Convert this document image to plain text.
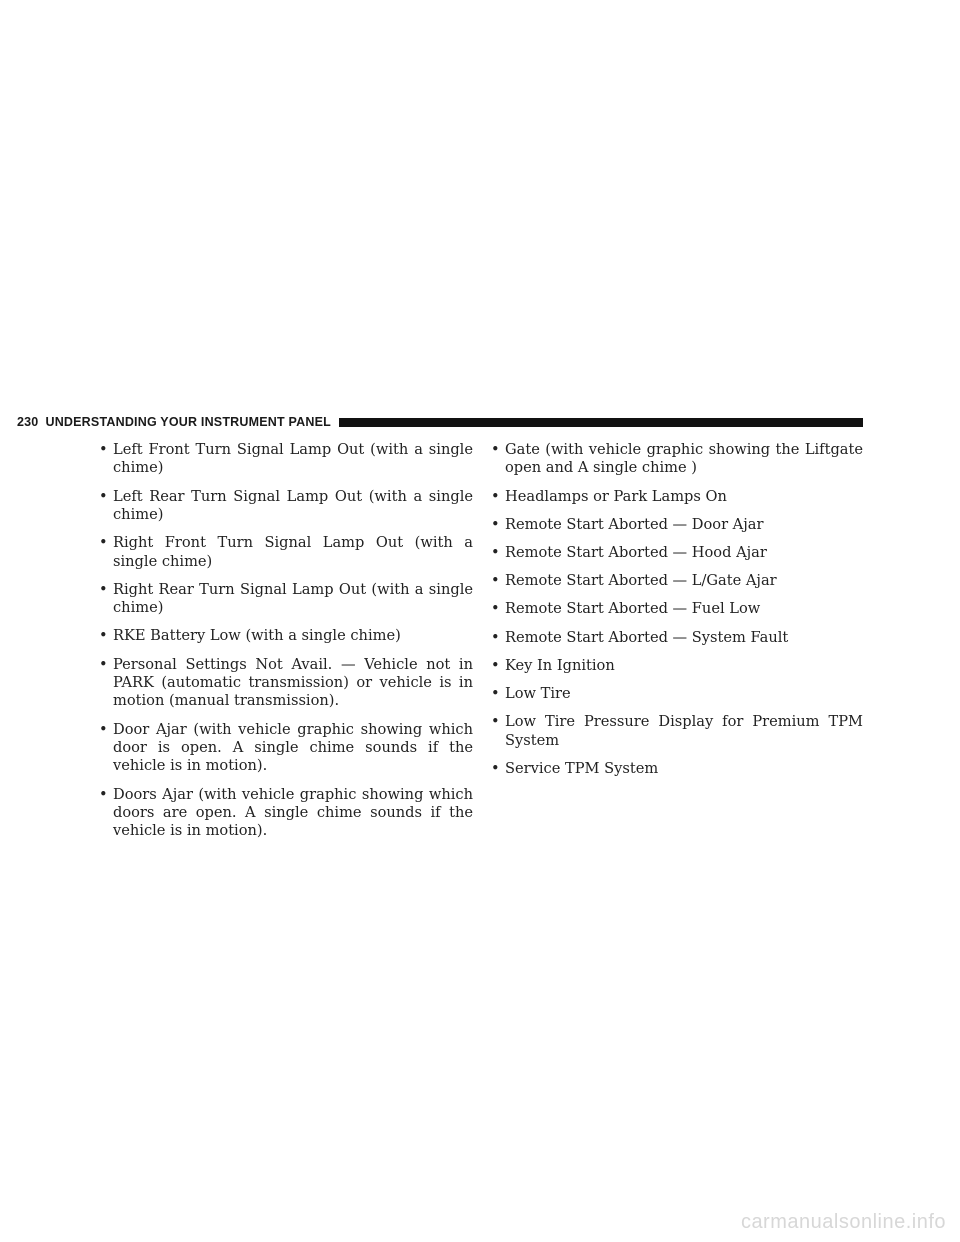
230 UNDERSTANDING YOUR INSTRUMENT PANEL
• Left Front Turn Signal Lamp Out (with a single chime)
• Left Rear Turn Signal Lamp Out (with a single chime)
• Right Front Turn Signal Lamp Out (with a single chime)
• Right Rear Turn Signal Lamp Out (with a single chime)
• RKE Battery Low (with a single chime)
• Personal Settings Not Avail. — Vehicle not in PARK (automatic transmission) or vehicle is in motion (manual transmission).
• Door Ajar (with vehicle graphic showing which door is open. A single chime sounds if the vehicle is in motion).
• Doors Ajar (with vehicle graphic showing which doors are open. A single chime sounds if the vehicle is in motion).
• Gate (with vehicle graphic showing the Liftgate open and A single chime )
• Headlamps or Park Lamps On
• Remote Start Aborted — Door Ajar
• Remote Start Aborted — Hood Ajar
• Remote Start Aborted — L/Gate Ajar
• Remote Start Aborted — Fuel Low
• Remote Start Aborted — System Fault
• Key In Ignition
• Low Tire
• Low Tire Pressure Display for Premium TPM System
• Service TPM System
carmanualsonline.info
